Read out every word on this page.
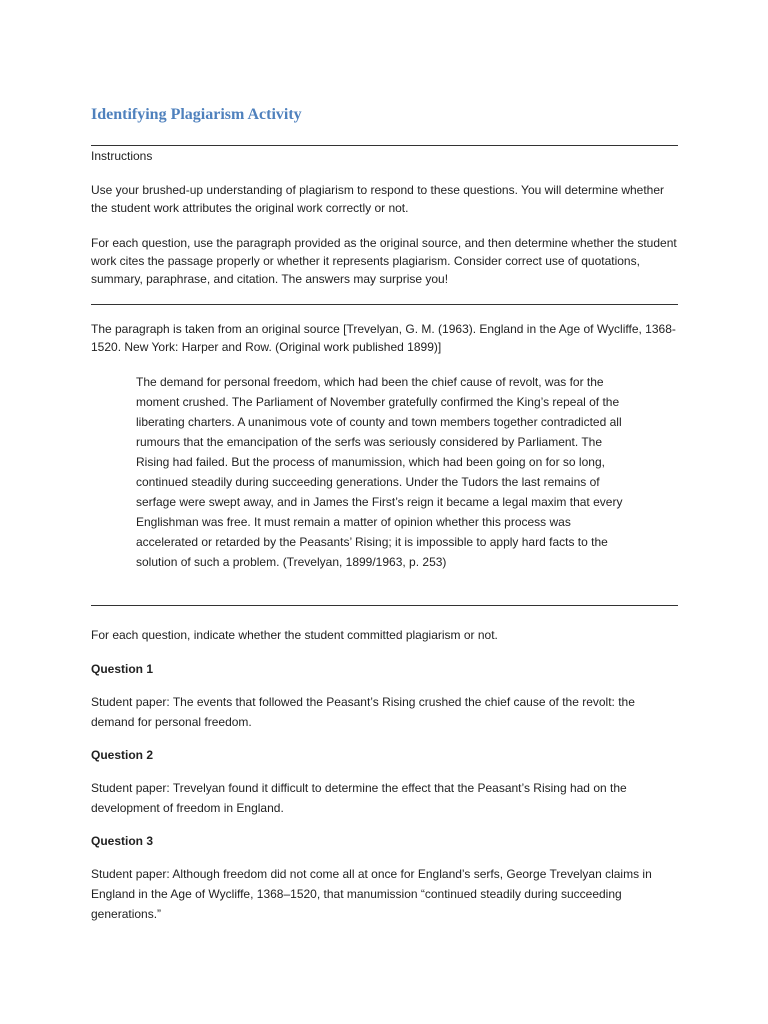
Identifying Plagiarism Activity

Instructions

Use your brushed-up understanding of plagiarism to respond to these questions. You will determine whether the student work attributes the original work correctly or not.

For each question, use the paragraph provided as the original source, and then determine whether the student work cites the passage properly or whether it represents plagiarism. Consider correct use of quotations, summary, paraphrase, and citation. The answers may surprise you!

The paragraph is taken from an original source [Trevelyan, G. M. (1963). England in the Age of Wycliffe, 1368-1520. New York: Harper and Row. (Original work published 1899)]

The demand for personal freedom, which had been the chief cause of revolt, was for the moment crushed. The Parliament of November gratefully confirmed the King’s repeal of the liberating charters. A unanimous vote of county and town members together contradicted all rumours that the emancipation of the serfs was seriously considered by Parliament. The Rising had failed. But the process of manumission, which had been going on for so long, continued steadily during succeeding generations. Under the Tudors the last remains of serfage were swept away, and in James the First’s reign it became a legal maxim that every Englishman was free. It must remain a matter of opinion whether this process was accelerated or retarded by the Peasants’ Rising; it is impossible to apply hard facts to the solution of such a problem. (Trevelyan, 1899/1963, p. 253)

For each question, indicate whether the student committed plagiarism or not.

Question 1

Student paper: The events that followed the Peasant’s Rising crushed the chief cause of the revolt: the demand for personal freedom.

Question 2

Student paper: Trevelyan found it difficult to determine the effect that the Peasant’s Rising had on the development of freedom in England.

Question 3

Student paper: Although freedom did not come all at once for England’s serfs, George Trevelyan claims in England in the Age of Wycliffe, 1368–1520, that manumission “continued steadily during succeeding generations.”
